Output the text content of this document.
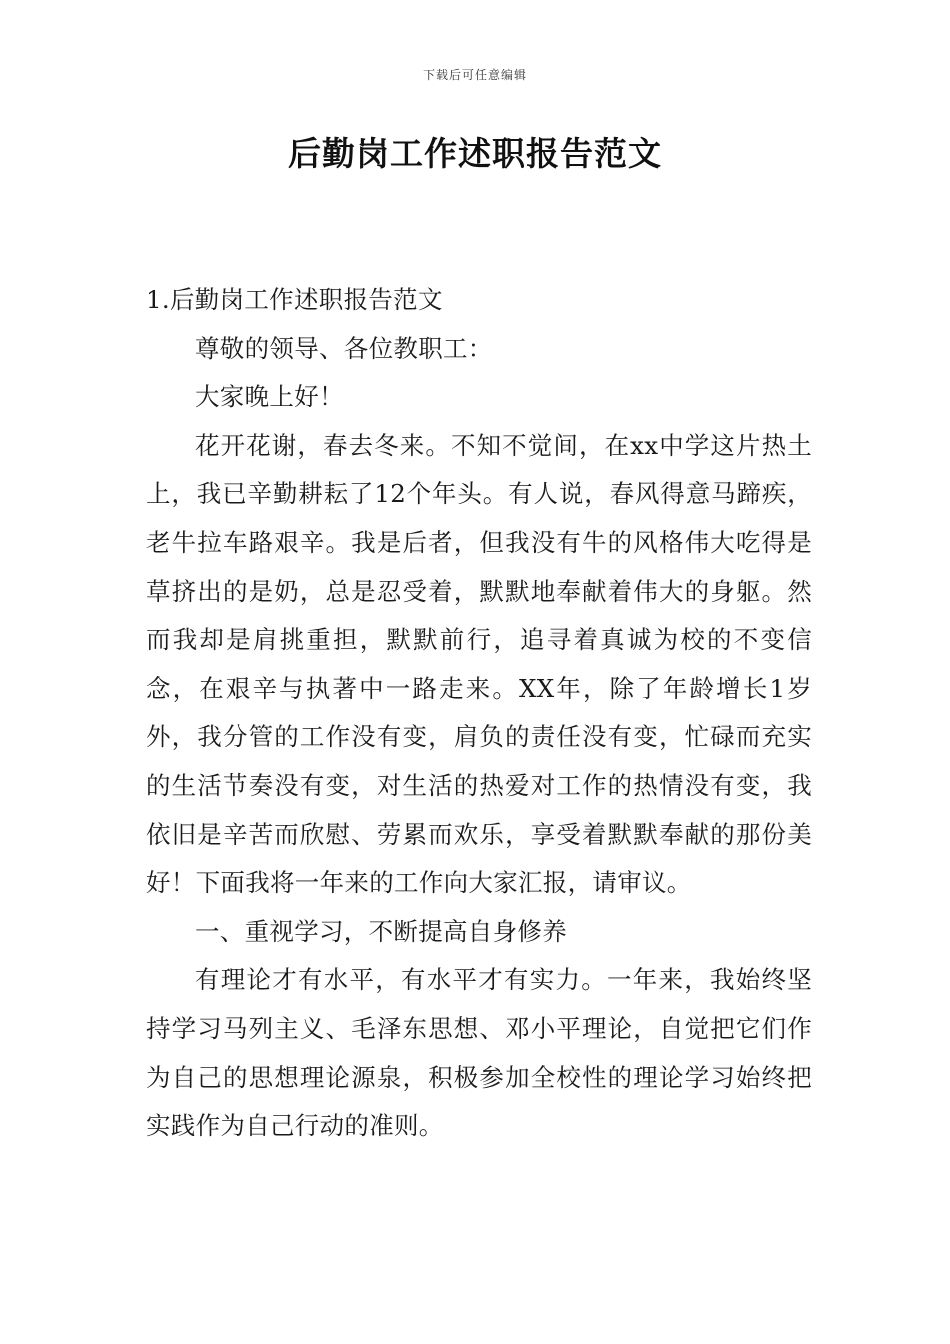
下载后可任意编辑
后勤岗工作述职报告范文

1.后勤岗工作述职报告范文

尊敬的领导、各位教职工：

大家晚上好！

花开花谢，春去冬来。不知不觉间，在xx中学这片热土上，我已辛勤耕耘了12个年头。有人说，春风得意马蹄疾，老牛拉车路艰辛。我是后者，但我没有牛的风格伟大吃得是草挤出的是奶，总是忍受着，默默地奉献着伟大的身躯。然而我却是肩挑重担，默默前行，追寻着真诚为校的不变信念，在艰辛与执著中一路走来。XX年，除了年龄增长1岁外，我分管的工作没有变，肩负的责任没有变，忙碌而充实的生活节奏没有变，对生活的热爱对工作的热情没有变，我依旧是辛苦而欣慰、劳累而欢乐，享受着默默奉献的那份美好！下面我将一年来的工作向大家汇报，请审议。

一、重视学习，不断提高自身修养

有理论才有水平，有水平才有实力。一年来，我始终坚持学习马列主义、毛泽东思想、邓小平理论，自觉把它们作为自己的思想理论源泉，积极参加全校性的理论学习始终把实践作为自己行动的准则。
